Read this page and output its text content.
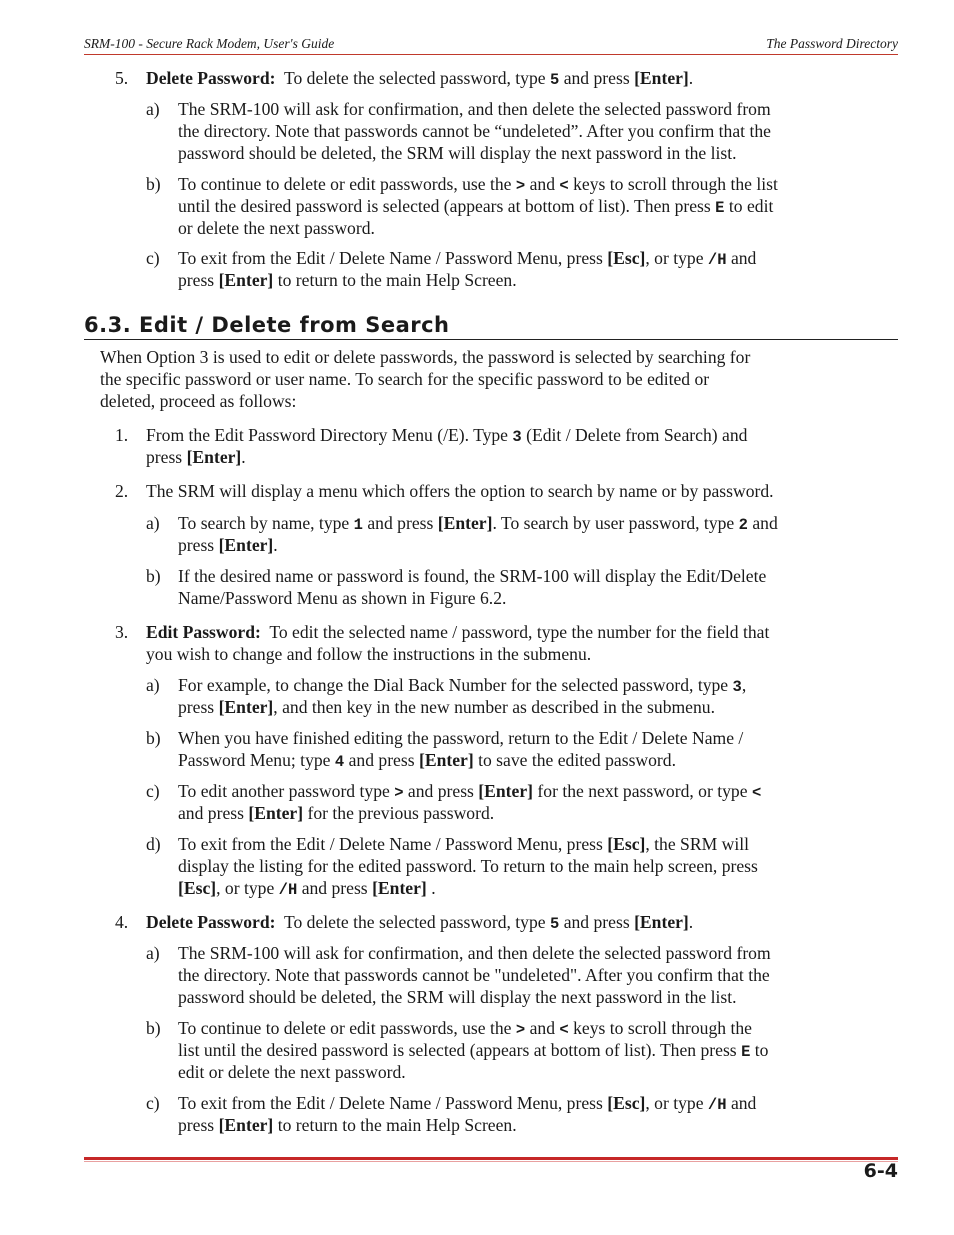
SRM-100 - Secure Rack Modem, User's Guide	The Password Directory
5. Delete Password: To delete the selected password, type 5 and press [Enter].
a) The SRM-100 will ask for confirmation, and then delete the selected password from
the directory. Note that passwords cannot be “undeleted”. After you confirm that the
password should be deleted, the SRM will display the next password in the list.
b) To continue to delete or edit passwords, use the > and < keys to scroll through the list
until the desired password is selected (appears at bottom of list). Then press E to edit
or delete the next password.
c) To exit from the Edit / Delete Name / Password Menu, press [Esc], or type /H and
press [Enter] to return to the main Help Screen.
6.3. Edit / Delete from Search
When Option 3 is used to edit or delete passwords, the password is selected by searching for
the specific password or user name. To search for the specific password to be edited or
deleted, proceed as follows:
1. From the Edit Password Directory Menu (/E). Type 3 (Edit / Delete from Search) and
press [Enter].
2. The SRM will display a menu which offers the option to search by name or by password.
a) To search by name, type 1 and press [Enter]. To search by user password, type 2 and
press [Enter].
b) If the desired name or password is found, the SRM-100 will display the Edit/Delete
Name/Password Menu as shown in Figure 6.2.
3. Edit Password: To edit the selected name / password, type the number for the field that
you wish to change and follow the instructions in the submenu.
a) For example, to change the Dial Back Number for the selected password, type 3,
press [Enter], and then key in the new number as described in the submenu.
b) When you have finished editing the password, return to the Edit / Delete Name /
Password Menu; type 4 and press [Enter] to save the edited password.
c) To edit another password type > and press [Enter] for the next password, or type <
and press [Enter] for the previous password.
d) To exit from the Edit / Delete Name / Password Menu, press [Esc], the SRM will
display the listing for the edited password. To return to the main help screen, press
[Esc], or type /H and press [Enter] .
4. Delete Password: To delete the selected password, type 5 and press [Enter].
a) The SRM-100 will ask for confirmation, and then delete the selected password from
the directory. Note that passwords cannot be "undeleted". After you confirm that the
password should be deleted, the SRM will display the next password in the list.
b) To continue to delete or edit passwords, use the > and < keys to scroll through the
list until the desired password is selected (appears at bottom of list). Then press E to
edit or delete the next password.
c) To exit from the Edit / Delete Name / Password Menu, press [Esc], or type /H and
press [Enter] to return to the main Help Screen.
6-4
